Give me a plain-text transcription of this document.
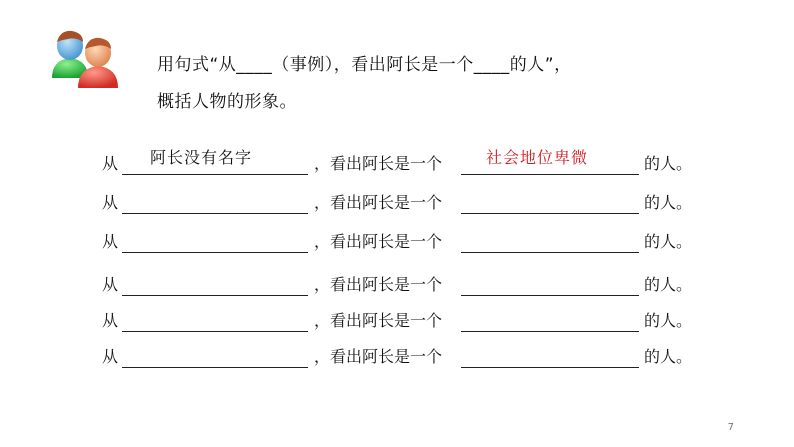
用句式“从____（事例），看出阿长是一个____的人”，
概括人物的形象。
从 阿长没有名字	，看出阿长是一个	社会地位卑微	的人。
从	，看出阿长是一个	的人。
从	，看出阿长是一个	的人。
从	，看出阿长是一个	的人。
从	，看出阿长是一个	的人。
从	，看出阿长是一个	的人。
7
